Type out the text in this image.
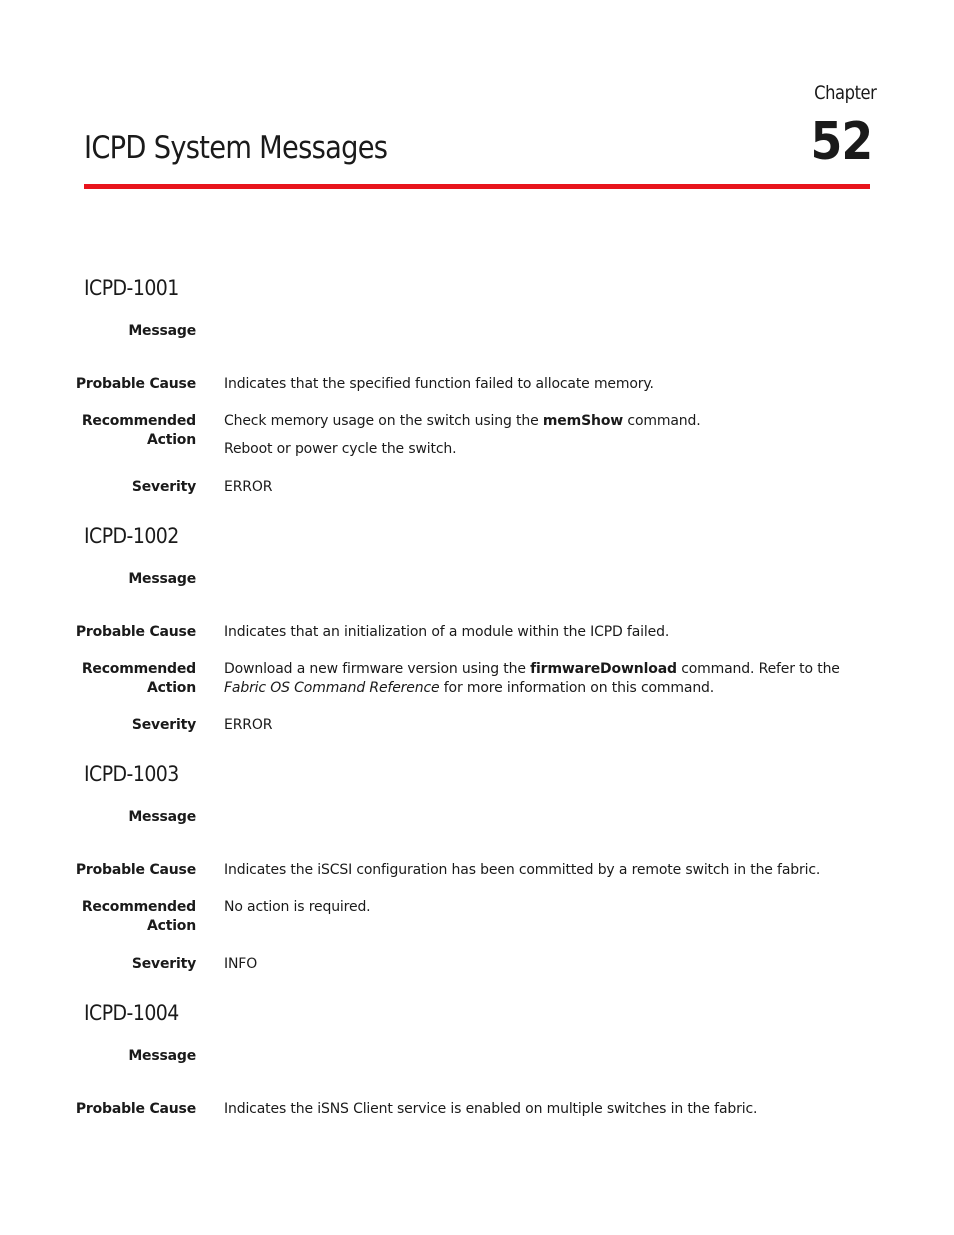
Chapter
52
ICPD System Messages
ICPD-1001
Message
Probable Cause Indicates that the specified function failed to allocate memory.
Recommended
Action

Check memory usage on the switch using the memShow command.

Reboot or power cycle the switch.

Severity ERROR
ICPD-1002
Message
Probable Cause Indicates that an initialization of a module within the ICPD failed.
Recommended
Action

Download a new firmware version using the firmwareDownload command. Refer to the Fabric OS Command Reference for more information on this command.

Severity ERROR
ICPD-1003
Message
Probable Cause Indicates the iSCSI configuration has been committed by a remote switch in the fabric.
Recommended
Action
No action is required.
Severity INFO
ICPD-1004
Message
Probable Cause Indicates the iSNS Client service is enabled on multiple switches in the fabric.
